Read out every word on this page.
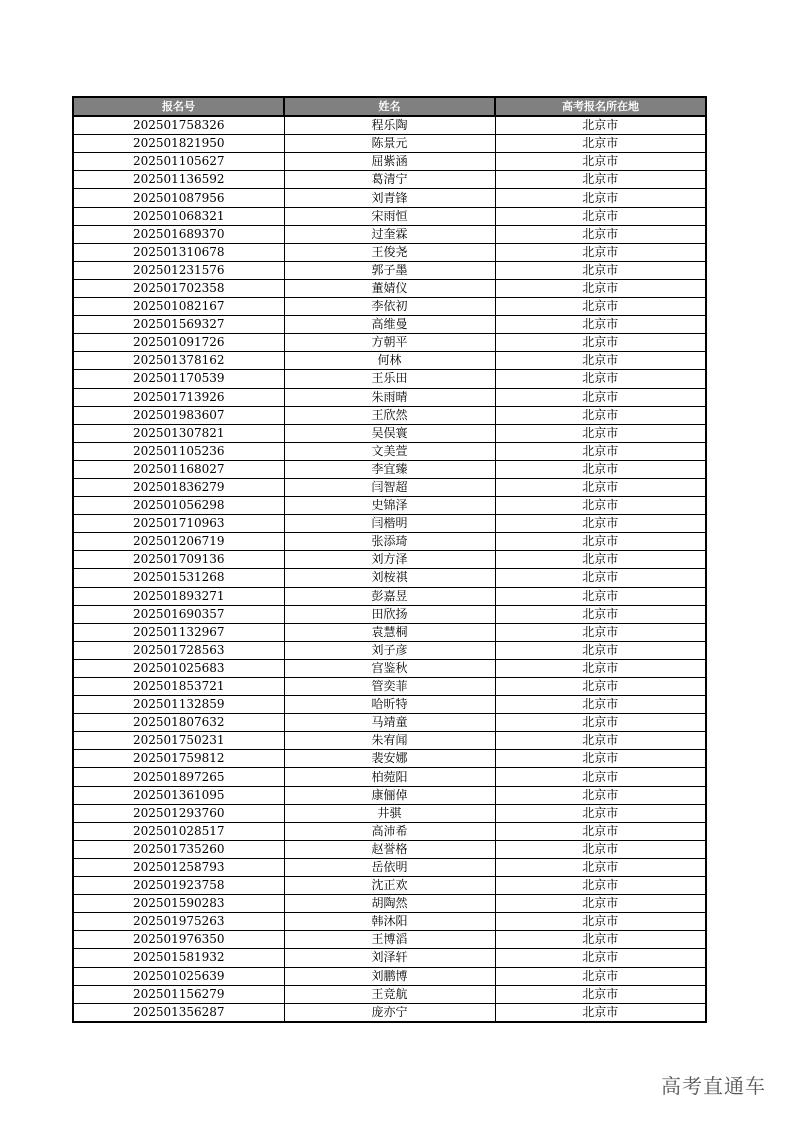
报名号	姓名	高考报名所在地
202501758326	程乐陶	北京市
202501821950	陈景元	北京市
202501105627	屈紫涵	北京市
202501136592	葛清宁	北京市
202501087956	刘青锋	北京市
202501068321	宋雨恒	北京市
202501689370	过奎霖	北京市
202501310678	王俊尧	北京市
202501231576	郭子墨	北京市
202501702358	董婧仪	北京市
202501082167	李依初	北京市
202501569327	高维曼	北京市
202501091726	方朝平	北京市
202501378162	何林	北京市
202501170539	王乐田	北京市
202501713926	朱雨晴	北京市
202501983607	王欣然	北京市
202501307821	吴俣寰	北京市
202501105236	文美萱	北京市
202501168027	李宜臻	北京市
202501836279	闫智超	北京市
202501056298	史锦泽	北京市
202501710963	闫楷明	北京市
202501206719	张添琦	北京市
202501709136	刘方泽	北京市
202501531268	刘桉祺	北京市
202501893271	彭嘉昱	北京市
202501690357	田欣扬	北京市
202501132967	袁慧桐	北京市
202501728563	刘子彦	北京市
202501025683	宫鉴秋	北京市
202501853721	管奕菲	北京市
202501132859	哈昕特	北京市
202501807632	马靖童	北京市
202501750231	朱宥闻	北京市
202501759812	裴安娜	北京市
202501897265	柏菀阳	北京市
202501361095	康俪倬	北京市
202501293760	井骐	北京市
202501028517	高沛希	北京市
202501735260	赵誉格	北京市
202501258793	岳依明	北京市
202501923758	沈正欢	北京市
202501590283	胡陶然	北京市
202501975263	韩沐阳	北京市
202501976350	王博滔	北京市
202501581932	刘泽轩	北京市
202501025639	刘鹏博	北京市
202501156279	王竞航	北京市
202501356287	庞亦宁	北京市
高考直通车
